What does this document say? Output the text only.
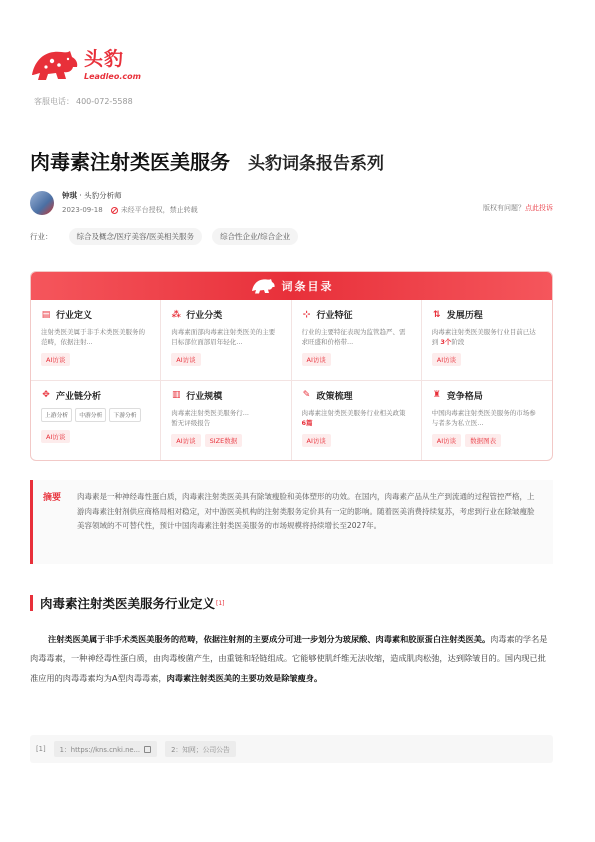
头豹
Leadleo.com
客服电话： 400-072-5588
肉毒素注射类医美服务 头豹词条报告系列
钟琪 · 头豹分析师
2023-09-18	未经平台授权，禁止转载	版权有问题？点此投诉
行业：	综合及概念/医疗美容/医美相关服务	综合性企业/综合企业
词条目录
▤ 行业定义
注射类医美属于非手术类医美服务的范畴，依据注射...
AI访谈
⁂ 行业分类
肉毒素面部肉毒素注射类医美的主要目标部位面部眉年轻化...
AI访谈
⊹ 行业特征
行业的主要特征表现为监管趋严、需求旺盛和价格带...
AI访谈
⇅ 发展历程
肉毒素注射类医美服务行业目前已达到 3个阶段
AI访谈
✥ 产业链分析
上游分析	中游分析	下游分析
AI访谈
▥ 行业规模
肉毒素注射类医美服务行...
暂无评级报告
AI访谈	SIZE数据
✎ 政策梳理
肉毒素注射类医美服务行业相关政策 6篇
AI访谈
♜ 竞争格局
中国肉毒素注射类医美服务的市场参与者多为私立医...
AI访谈	数据图表
摘要	肉毒素是一种神经毒性蛋白质，肉毒素注射类医美具有除皱瘦脸和美体塑形的功效。在国内，肉毒素产品从生产到流通的过程管控严格，上游肉毒素注射剂供应商格局相对稳定，对中游医美机构的注射类服务定价具有一定的影响。随着医美消费持续复苏，考虑到行业在除皱瘦脸美容领域的不可替代性，预计中国肉毒素注射类医美服务的市场规模将持续增长至2027年。
肉毒素注射类医美服务行业定义 [1]

注射类医美属于非手术类医美服务的范畴，依据注射剂的主要成分可进一步划分为玻尿酸、肉毒素和胶原蛋白注射类医美。肉毒素的学名是肉毒毒素，一种神经毒性蛋白质，由肉毒梭菌产生，由重链和轻链组成。它能够使肌纤维无法收缩，造成肌肉松弛，达到除皱目的。国内现已批准应用的肉毒毒素均为A型肉毒毒素，肉毒素注射类医美的主要功效是除皱瘦身。

[1] 1：https://kns.cnki.ne...	2：知网；公司公告
